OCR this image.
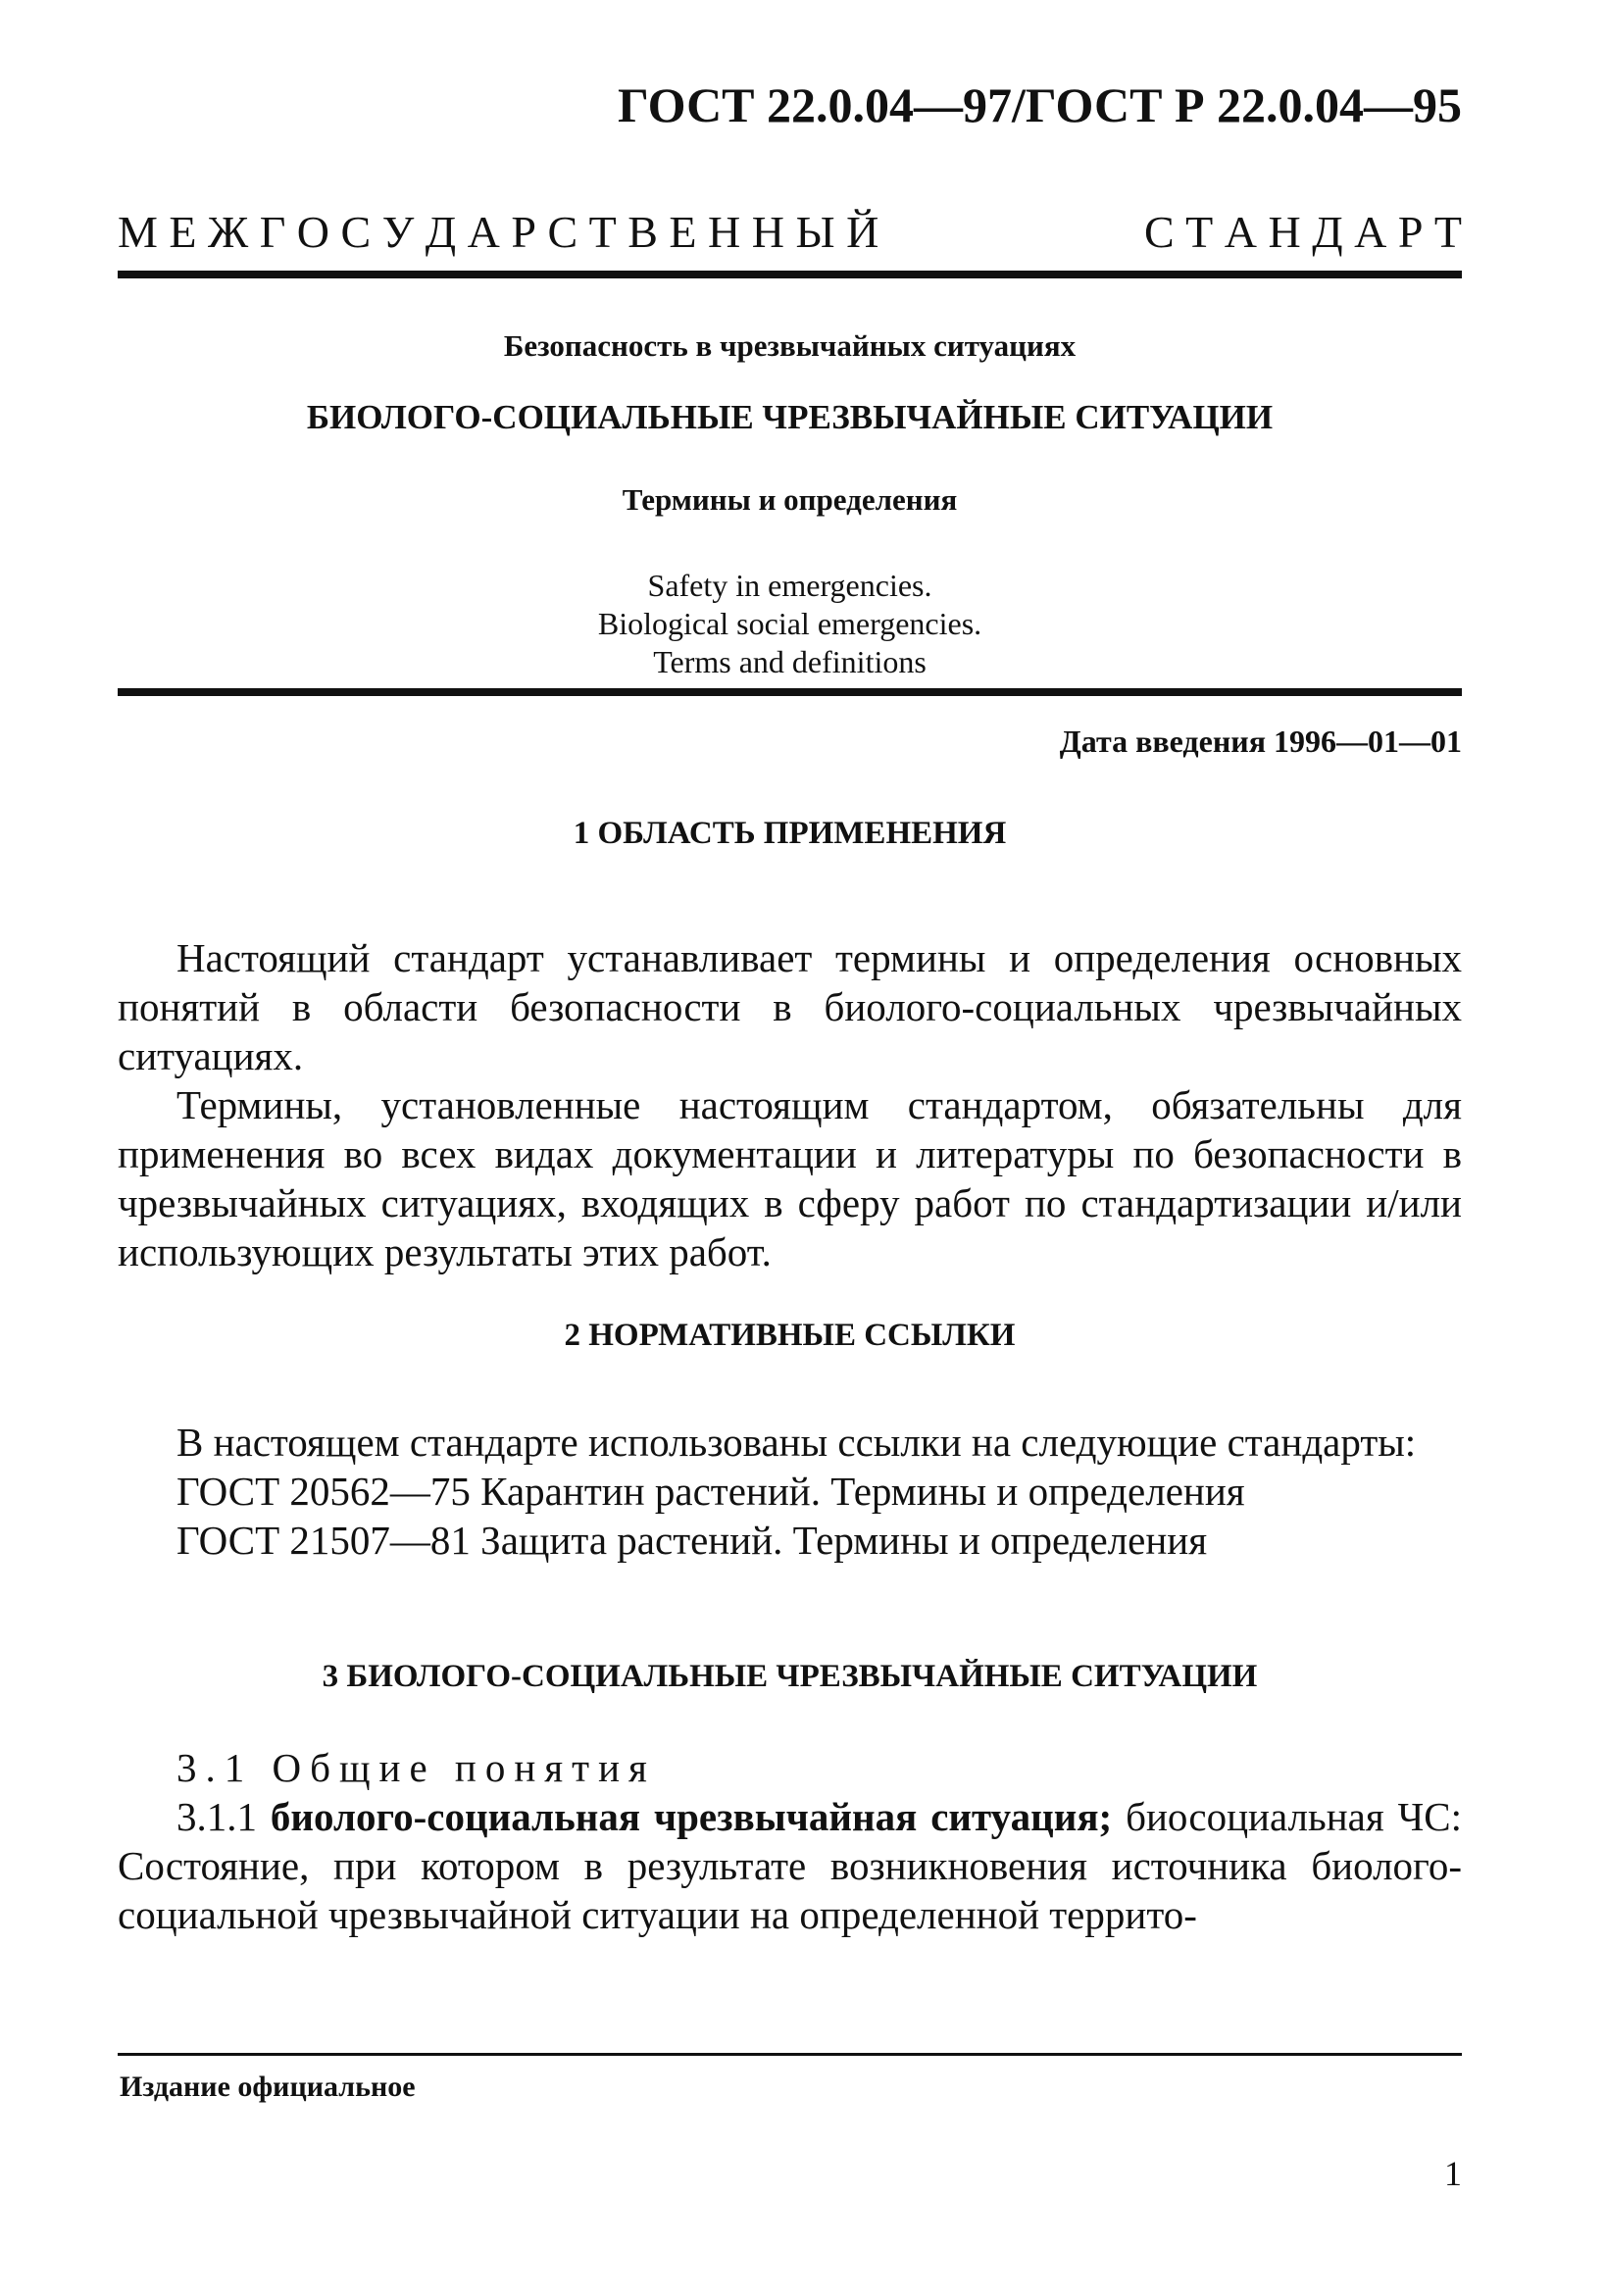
ГОСТ 22.0.04—97/ГОСТ Р 22.0.04—95
М Е Ж Г О С У Д А Р С Т В Е Н Н Ы Й	С Т А Н Д А Р Т
Безопасность в чрезвычайных ситуациях
БИОЛОГО-СОЦИАЛЬНЫЕ ЧРЕЗВЫЧАЙНЫЕ СИТУАЦИИ
Термины и определения
Safety in emergencies.
Biological social emergencies.
Terms and definitions
Дата введения 1996—01—01
1 ОБЛАСТЬ ПРИМЕНЕНИЯ

Настоящий стандарт устанавливает термины и определения основных понятий в области безопасности в биолого-социальных чрезвычайных ситуациях.

Термины, установленные настоящим стандартом, обязательны для применения во всех видах документации и литературы по безопасности в чрезвычайных ситуациях, входящих в сферу работ по стандартизации и/или использующих результаты этих работ.

2 НОРМАТИВНЫЕ ССЫЛКИ

В настоящем стандарте использованы ссылки на следующие стандарты:

ГОСТ 20562—75 Карантин растений. Термины и определения
ГОСТ 21507—81 Защита растений. Термины и определения
3 БИОЛОГО-СОЦИАЛЬНЫЕ ЧРЕЗВЫЧАЙНЫЕ СИТУАЦИИ
3.1 Общие понятия

3.1.1 биолого-социальная чрезвычайная ситуация; биосоциальная ЧС: Состояние, при котором в результате возникновения источника биолого-социальной чрезвычайной ситуации на определенной террито-

Издание официальное
1
